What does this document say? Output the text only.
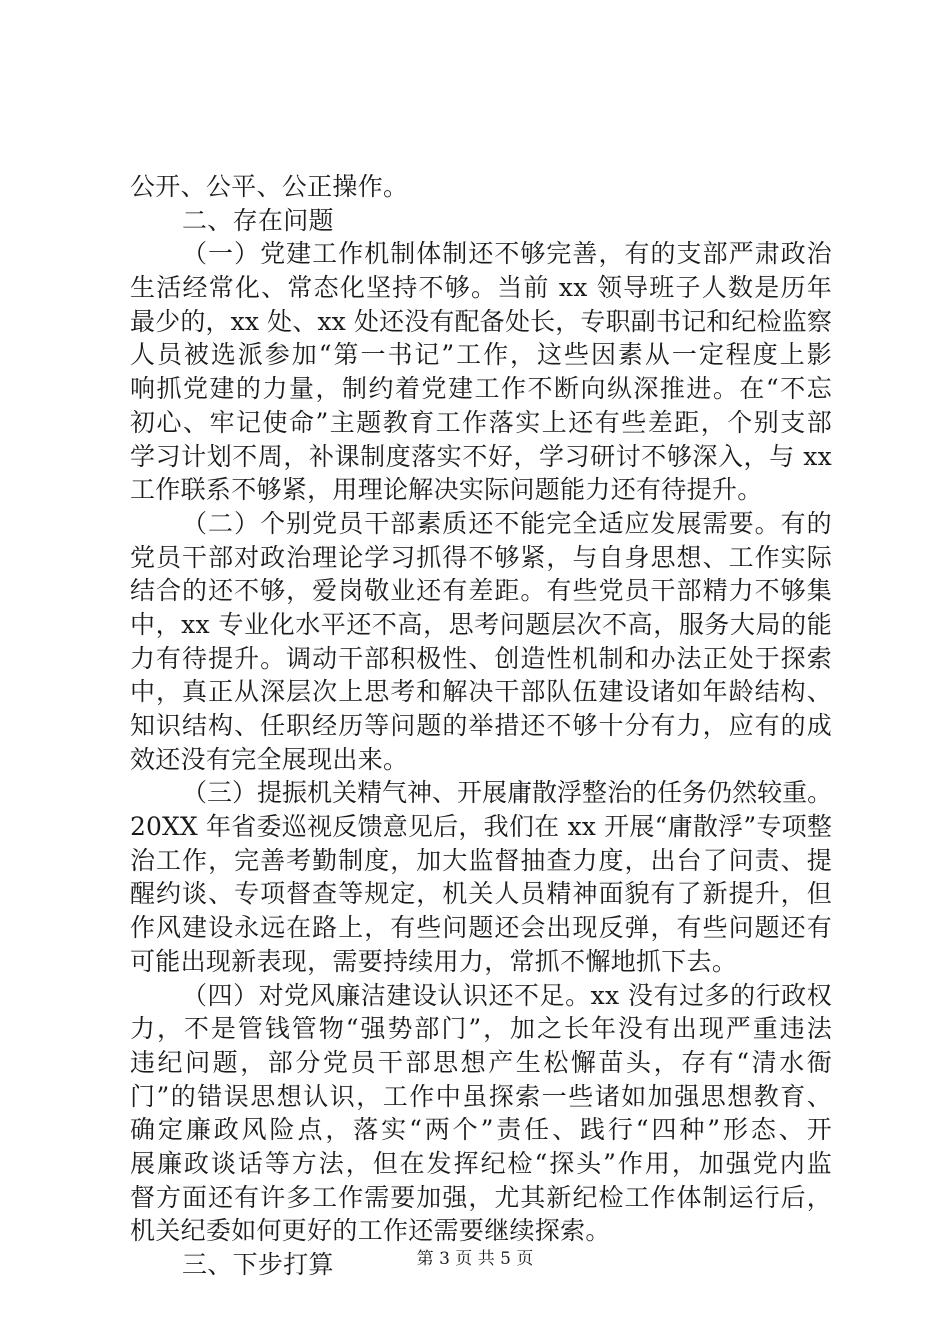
公开、公平、公正操作。
二、存在问题
（一）党建工作机制体制还不够完善，有的支部严肃政治
生活经常化、常态化坚持不够。当前 xx 领导班子人数是历年
最少的，xx 处、xx 处还没有配备处长，专职副书记和纪检监察
人员被选派参加“第一书记”工作，这些因素从一定程度上影
响抓党建的力量，制约着党建工作不断向纵深推进。在“不忘
初心、牢记使命”主题教育工作落实上还有些差距，个别支部
学习计划不周，补课制度落实不好，学习研讨不够深入，与 xx
工作联系不够紧，用理论解决实际问题能力还有待提升。
（二）个别党员干部素质还不能完全适应发展需要。有的
党员干部对政治理论学习抓得不够紧，与自身思想、工作实际
结合的还不够，爱岗敬业还有差距。有些党员干部精力不够集
中，xx 专业化水平还不高，思考问题层次不高，服务大局的能
力有待提升。调动干部积极性、创造性机制和办法正处于探索
中，真正从深层次上思考和解决干部队伍建设诸如年龄结构、
知识结构、任职经历等问题的举措还不够十分有力，应有的成
效还没有完全展现出来。
（三）提振机关精气神、开展庸散浮整治的任务仍然较重。
20XX 年省委巡视反馈意见后，我们在 xx 开展“庸散浮”专项整
治工作，完善考勤制度，加大监督抽查力度，出台了问责、提
醒约谈、专项督查等规定，机关人员精神面貌有了新提升，但
作风建设永远在路上，有些问题还会出现反弹，有些问题还有
可能出现新表现，需要持续用力，常抓不懈地抓下去。
（四）对党风廉洁建设认识还不足。xx 没有过多的行政权
力，不是管钱管物“强势部门”，加之长年没有出现严重违法
违纪问题，部分党员干部思想产生松懈苗头，存有“清水衙
门”的错误思想认识，工作中虽探索一些诸如加强思想教育、
确定廉政风险点，落实“两个”责任、践行“四种”形态、开
展廉政谈话等方法，但在发挥纪检“探头”作用，加强党内监
督方面还有许多工作需要加强，尤其新纪检工作体制运行后，
机关纪委如何更好的工作还需要继续探索。
三、下步打算	第 3 页 共 5 页
